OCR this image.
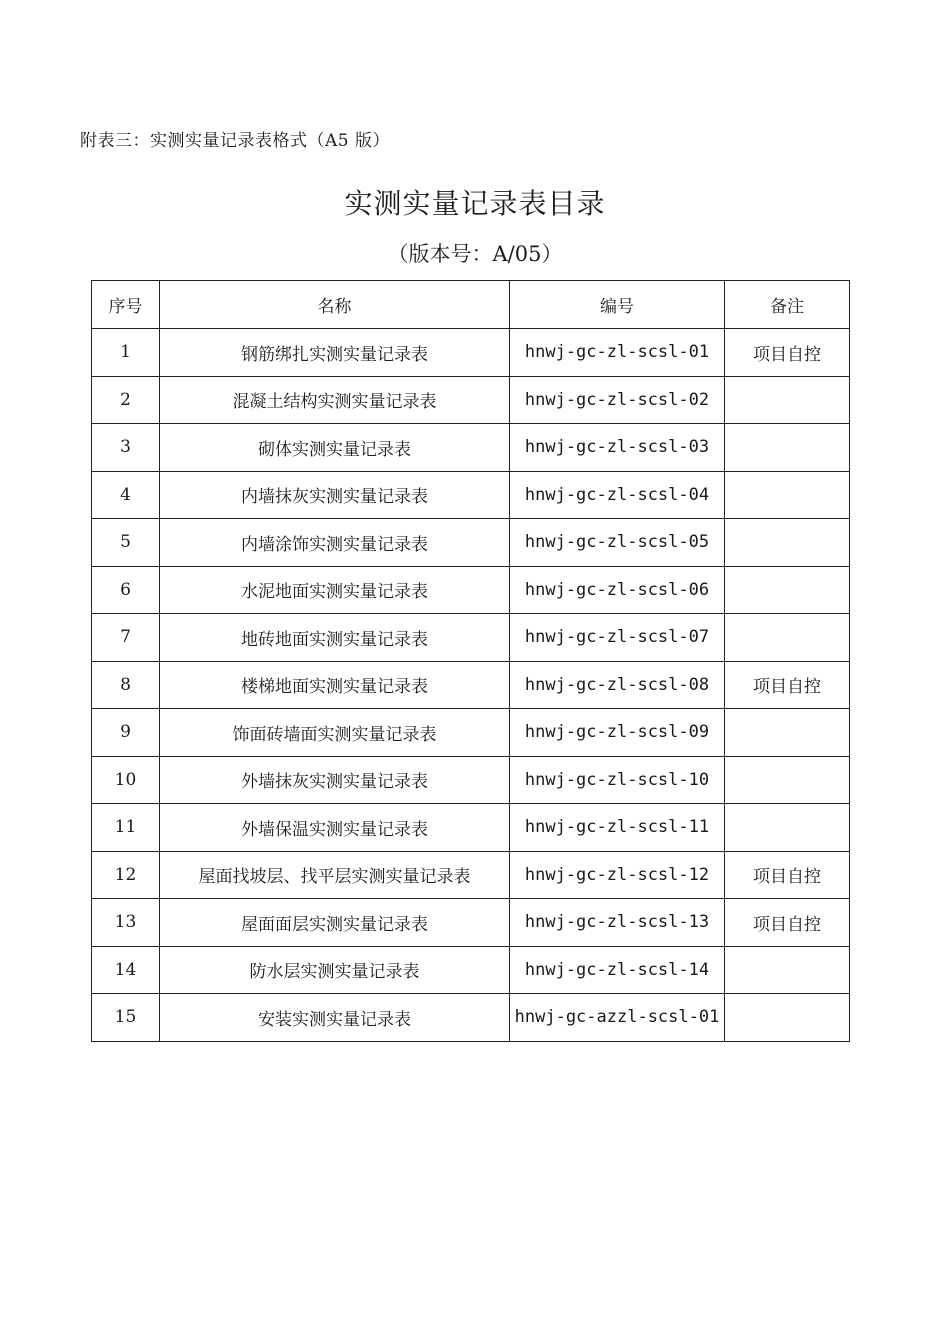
附表三：实测实量记录表格式（A5 版）
实测实量记录表目录
（版本号：A/05）
序号	名称	编号	备注
1	钢筋绑扎实测实量记录表	hnwj-gc-zl-scsl-01	项目自控
2	混凝土结构实测实量记录表	hnwj-gc-zl-scsl-02	
3	砌体实测实量记录表	hnwj-gc-zl-scsl-03	
4	内墙抹灰实测实量记录表	hnwj-gc-zl-scsl-04	
5	内墙涂饰实测实量记录表	hnwj-gc-zl-scsl-05	
6	水泥地面实测实量记录表	hnwj-gc-zl-scsl-06	
7	地砖地面实测实量记录表	hnwj-gc-zl-scsl-07	
8	楼梯地面实测实量记录表	hnwj-gc-zl-scsl-08	项目自控
9	饰面砖墙面实测实量记录表	hnwj-gc-zl-scsl-09	
10	外墙抹灰实测实量记录表	hnwj-gc-zl-scsl-10	
11	外墙保温实测实量记录表	hnwj-gc-zl-scsl-11	
12	屋面找坡层、找平层实测实量记录表	hnwj-gc-zl-scsl-12	项目自控
13	屋面面层实测实量记录表	hnwj-gc-zl-scsl-13	项目自控
14	防水层实测实量记录表	hnwj-gc-zl-scsl-14	
15	安装实测实量记录表	hnwj-gc-azzl-scsl-01	
